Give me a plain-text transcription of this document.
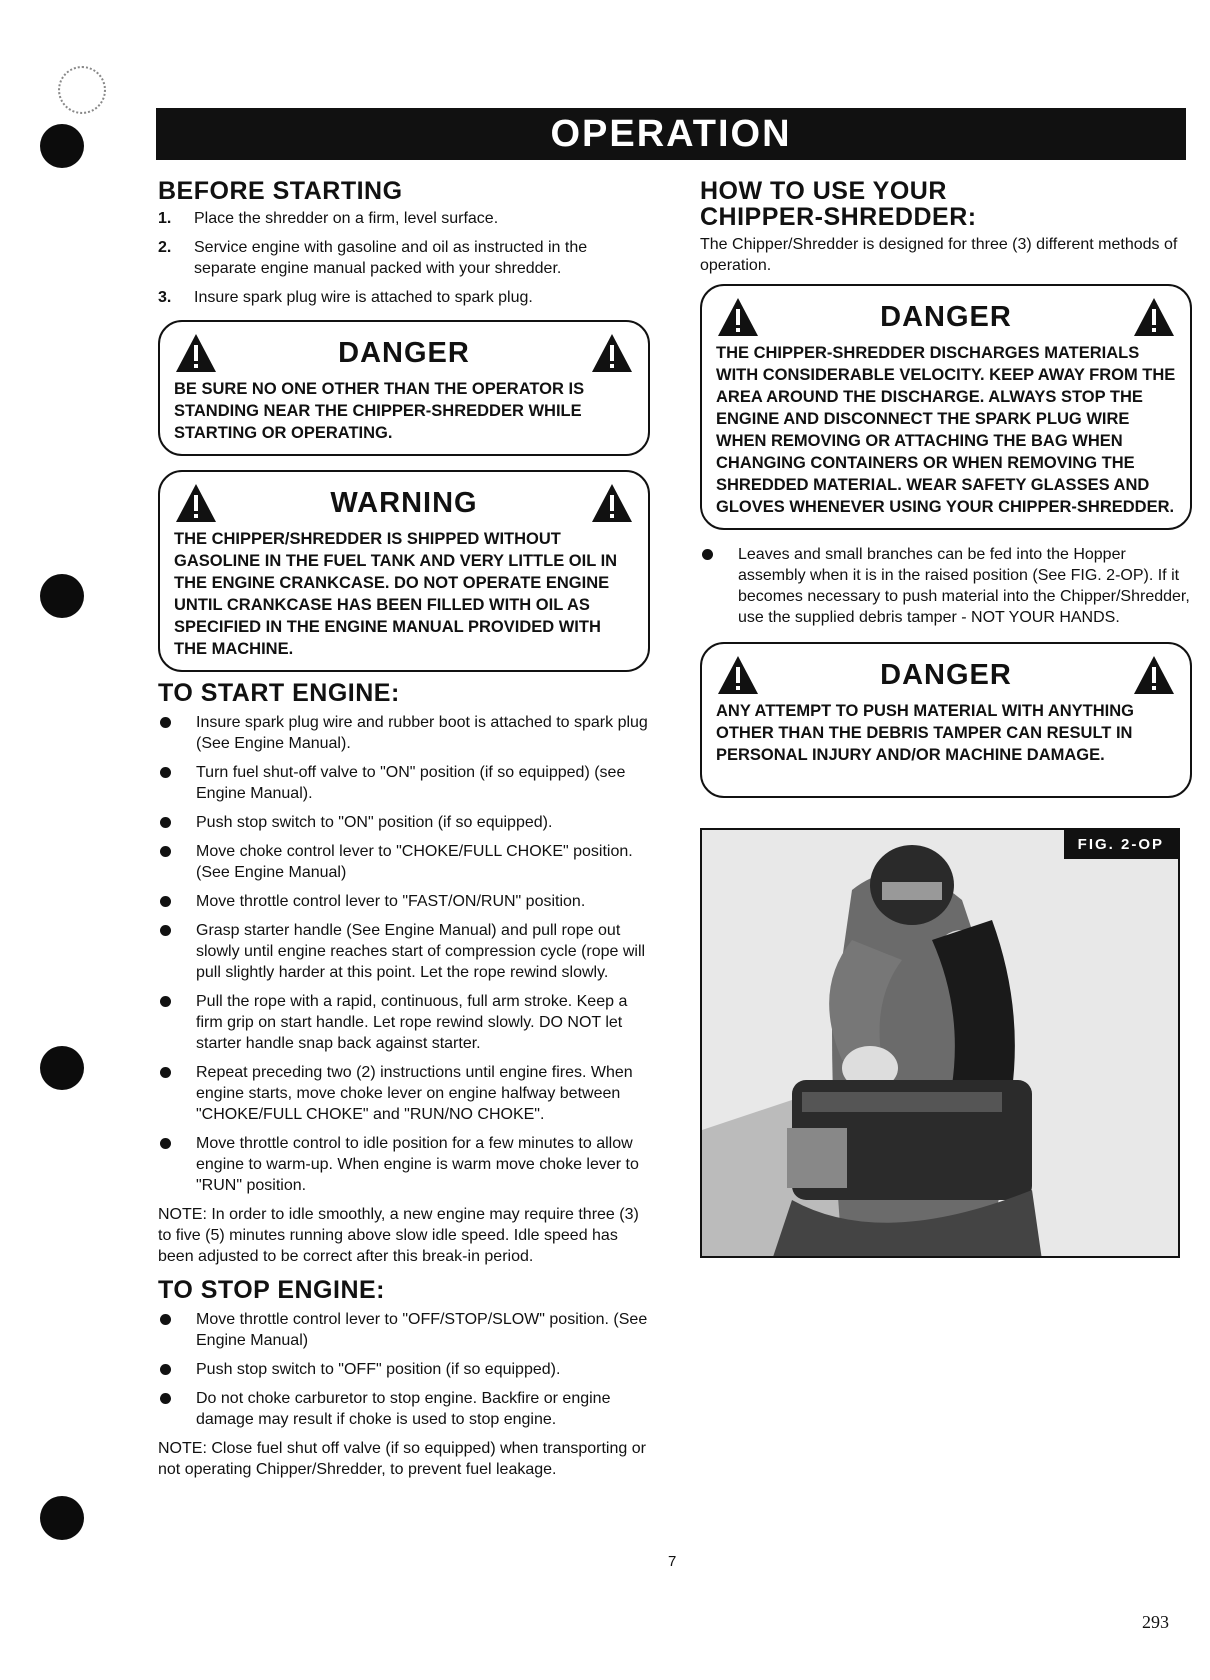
OPERATION
BEFORE STARTING
1. Place the shredder on a firm, level surface.
2. Service engine with gasoline and oil as instructed in the separate engine manual packed with your shredder.
3. Insure spark plug wire is attached to spark plug.
DANGER

BE SURE NO ONE OTHER THAN THE OPERATOR IS STANDING NEAR THE CHIPPER-SHREDDER WHILE STARTING OR OPERATING.

WARNING

THE CHIPPER/SHREDDER IS SHIPPED WITHOUT GASOLINE IN THE FUEL TANK AND VERY LITTLE OIL IN THE ENGINE CRANKCASE. DO NOT OPERATE ENGINE UNTIL CRANKCASE HAS BEEN FILLED WITH OIL AS SPECIFIED IN THE ENGINE MANUAL PROVIDED WITH THE MACHINE.

TO START ENGINE:
Insure spark plug wire and rubber boot is attached to spark plug (See Engine Manual).
Turn fuel shut-off valve to "ON" position (if so equipped) (see Engine Manual).
Push stop switch to "ON" position (if so equipped).
Move choke control lever to "CHOKE/FULL CHOKE" position. (See Engine Manual)
Move throttle control lever to "FAST/ON/RUN" position.
Grasp starter handle (See Engine Manual) and pull rope out slowly until engine reaches start of compression cycle (rope will pull slightly harder at this point. Let the rope rewind slowly.
Pull the rope with a rapid, continuous, full arm stroke. Keep a firm grip on start handle. Let rope rewind slowly. DO NOT let starter handle snap back against starter.
Repeat preceding two (2) instructions until engine fires. When engine starts, move choke lever on engine halfway between "CHOKE/FULL CHOKE" and "RUN/NO CHOKE".
Move throttle control to idle position for a few minutes to allow engine to warm-up. When engine is warm move choke lever to "RUN" position.

NOTE: In order to idle smoothly, a new engine may require three (3) to five (5) minutes running above slow idle speed. Idle speed has been adjusted to be correct after this break-in period.

TO STOP ENGINE:
Move throttle control lever to "OFF/STOP/SLOW" position. (See Engine Manual)
Push stop switch to "OFF" position (if so equipped).
Do not choke carburetor to stop engine. Backfire or engine damage may result if choke is used to stop engine.

NOTE: Close fuel shut off valve (if so equipped) when transporting or not operating Chipper/Shredder, to prevent fuel leakage.

HOW TO USE YOUR CHIPPER-SHREDDER:

The Chipper/Shredder is designed for three (3) different methods of operation.

DANGER

THE CHIPPER-SHREDDER DISCHARGES MATERIALS WITH CONSIDERABLE VELOCITY. KEEP AWAY FROM THE AREA AROUND THE DISCHARGE. ALWAYS STOP THE ENGINE AND DISCONNECT THE SPARK PLUG WIRE WHEN REMOVING OR ATTACHING THE BAG WHEN CHANGING CONTAINERS OR WHEN REMOVING THE SHREDDED MATERIAL. WEAR SAFETY GLASSES AND GLOVES WHENEVER USING YOUR CHIPPER-SHREDDER.

Leaves and small branches can be fed into the Hopper assembly when it is in the raised position (See FIG. 2-OP). If it becomes necessary to push material into the Chipper/Shredder, use the supplied debris tamper - NOT YOUR HANDS.
DANGER

ANY ATTEMPT TO PUSH MATERIAL WITH ANYTHING OTHER THAN THE DEBRIS TAMPER CAN RESULT IN PERSONAL INJURY AND/OR MACHINE DAMAGE.

FIG. 2-OP
7
293
